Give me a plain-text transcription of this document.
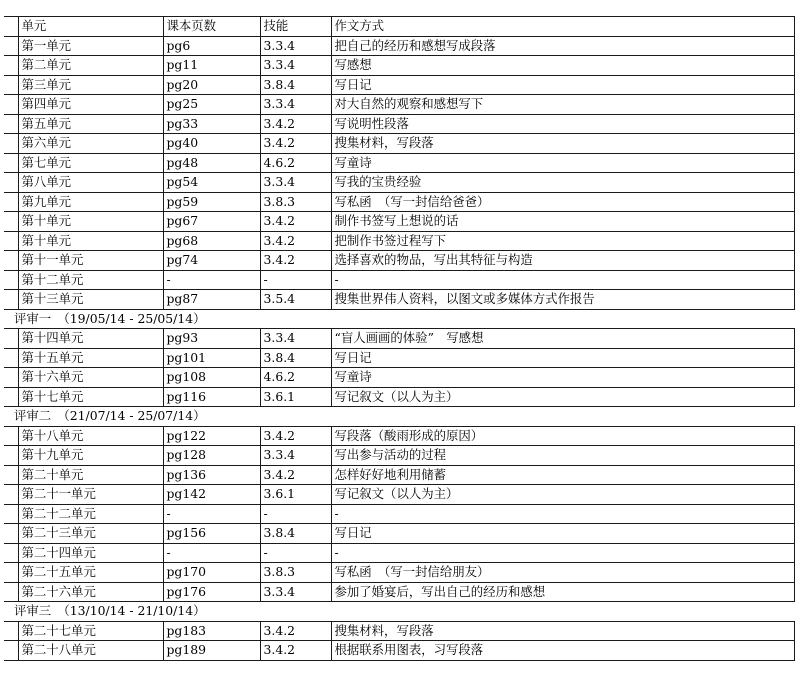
	单元	课本页数	技能	作文方式
	第一单元	pg6	3.3.4	把自己的经历和感想写成段落
	第二单元	pg11	3.3.4	写感想
	第三单元	pg20	3.8.4	写日记
	第四单元	pg25	3.3.4	对大自然的观察和感想写下
	第五单元	pg33	3.4.2	写说明性段落
	第六单元	pg40	3.4.2	搜集材料，写段落
	第七单元	pg48	4.6.2	写童诗
	第八单元	pg54	3.3.4	写我的宝贵经验
	第九单元	pg59	3.8.3	写私函　（写一封信给爸爸）
	第十单元	pg67	3.4.2	制作书签写上想说的话
	第十单元	pg68	3.4.2	把制作书签过程写下
	第十一单元	pg74	3.4.2	选择喜欢的物品，写出其特征与构造
	第十二单元	-	-	-
	第十三单元	pg87	3.5.4	搜集世界伟人资料，以图文或多媒体方式作报告
评审一　（19/05/14 - 25/05/14）				
	第十四单元	pg93	3.3.4	“盲人画画的体验”　写感想
	第十五单元	pg101	3.8.4	写日记
	第十六单元	pg108	4.6.2	写童诗
	第十七单元	pg116	3.6.1	写记叙文（以人为主）
评审二　（21/07/14 - 25/07/14）				
	第十八单元	pg122	3.4.2	写段落（酸雨形成的原因）
	第十九单元	pg128	3.3.4	写出参与活动的过程
	第二十单元	pg136	3.4.2	怎样好好地利用储蓄
	第二十一单元	pg142	3.6.1	写记叙文（以人为主）
	第二十二单元	-	-	-
	第二十三单元	pg156	3.8.4	写日记
	第二十四单元	-	-	-
	第二十五单元	pg170	3.8.3	写私函　（写一封信给朋友）
	第二十六单元	pg176	3.3.4	参加了婚宴后，写出自己的经历和感想
评审三　（13/10/14 - 21/10/14）				
	第二十七单元	pg183	3.4.2	搜集材料，写段落
	第二十八单元	pg189	3.4.2	根据联系用图表，习写段落
